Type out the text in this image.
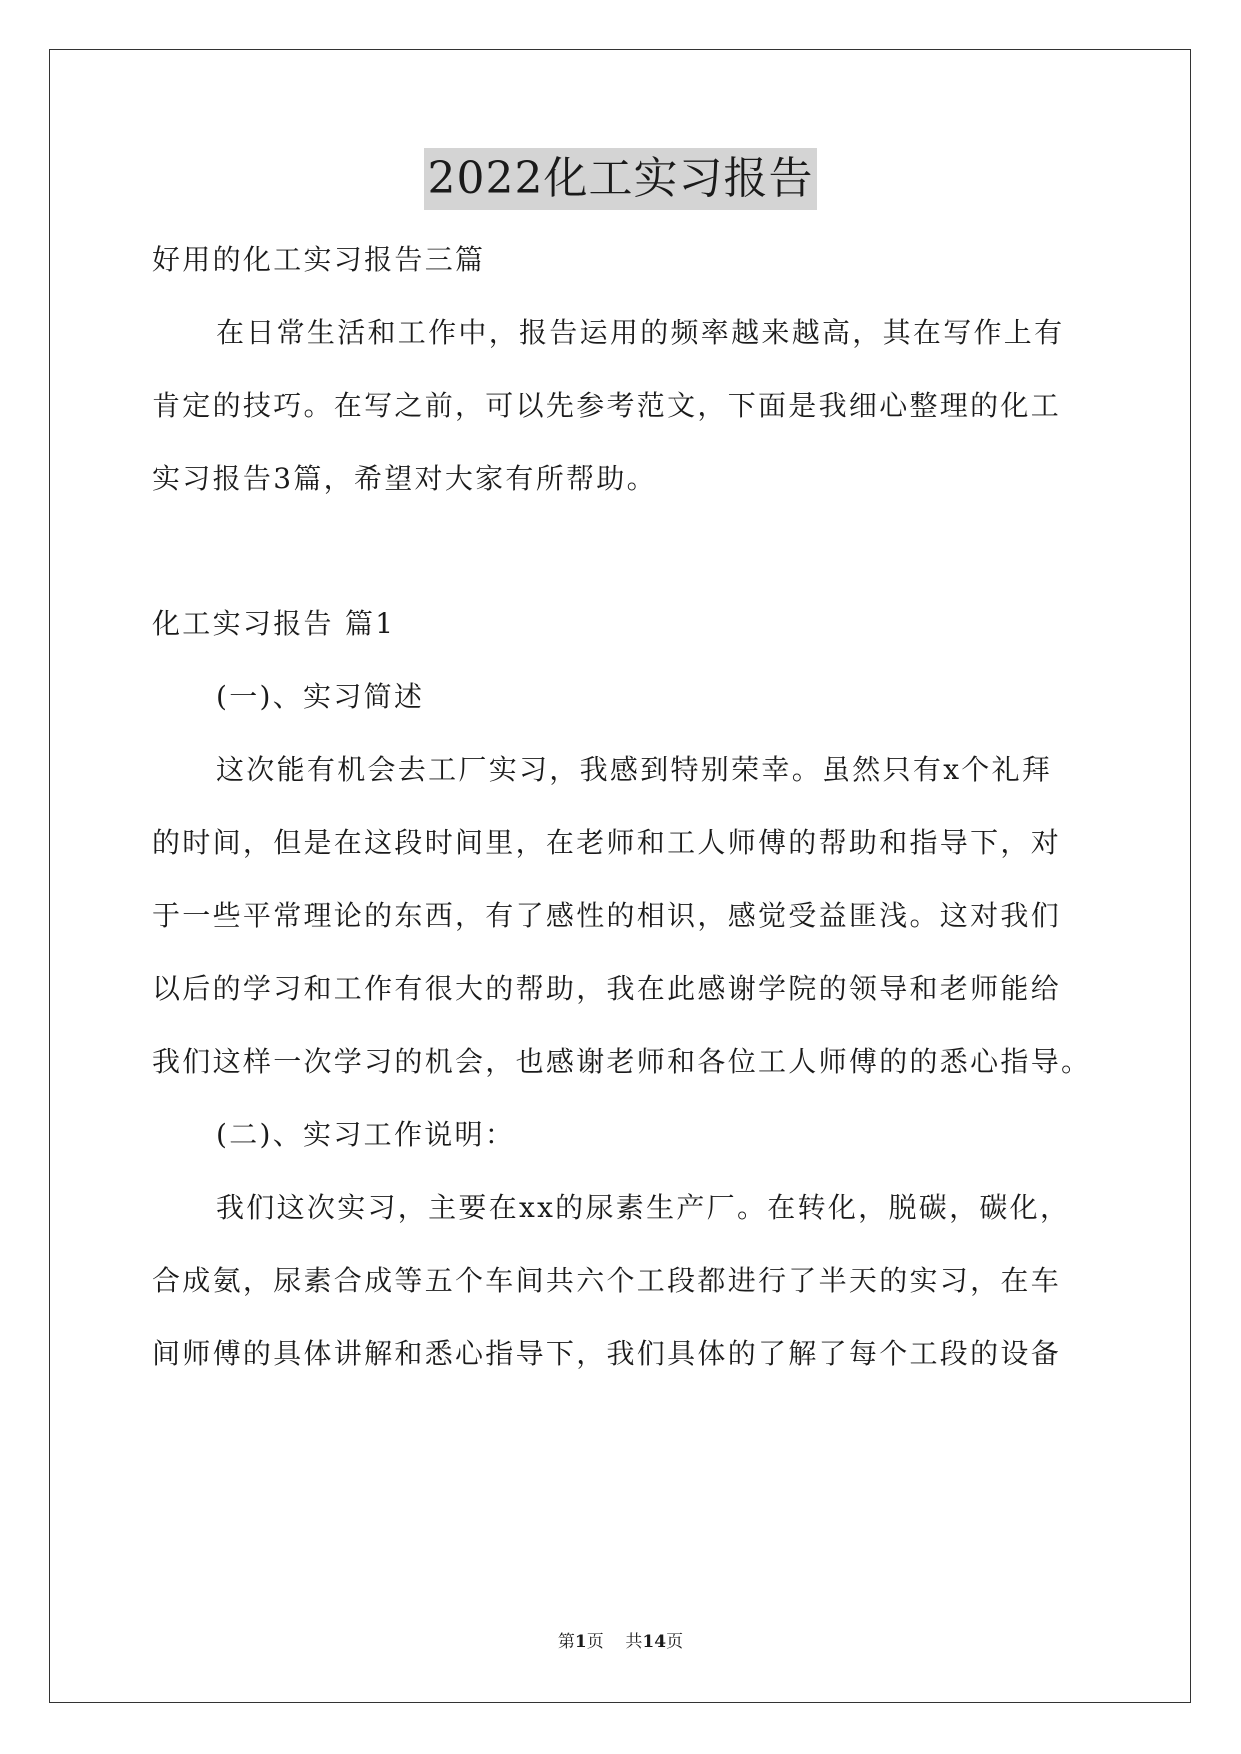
2022化工实习报告
好用的化工实习报告三篇
在日常生活和工作中，报告运用的频率越来越高，其在写作上有
肯定的技巧。在写之前，可以先参考范文，下面是我细心整理的化工
实习报告3篇，希望对大家有所帮助。
化工实习报告 篇1
(一)、实习简述
这次能有机会去工厂实习，我感到特别荣幸。虽然只有x个礼拜
的时间，但是在这段时间里，在老师和工人师傅的帮助和指导下，对
于一些平常理论的东西，有了感性的相识，感觉受益匪浅。这对我们
以后的学习和工作有很大的帮助，我在此感谢学院的领导和老师能给
我们这样一次学习的机会，也感谢老师和各位工人师傅的的悉心指导。
(二)、实习工作说明：
我们这次实习，主要在xx的尿素生产厂。在转化，脱碳，碳化，
合成氨，尿素合成等五个车间共六个工段都进行了半天的实习，在车
间师傅的具体讲解和悉心指导下，我们具体的了解了每个工段的设备
第1页    共14页
